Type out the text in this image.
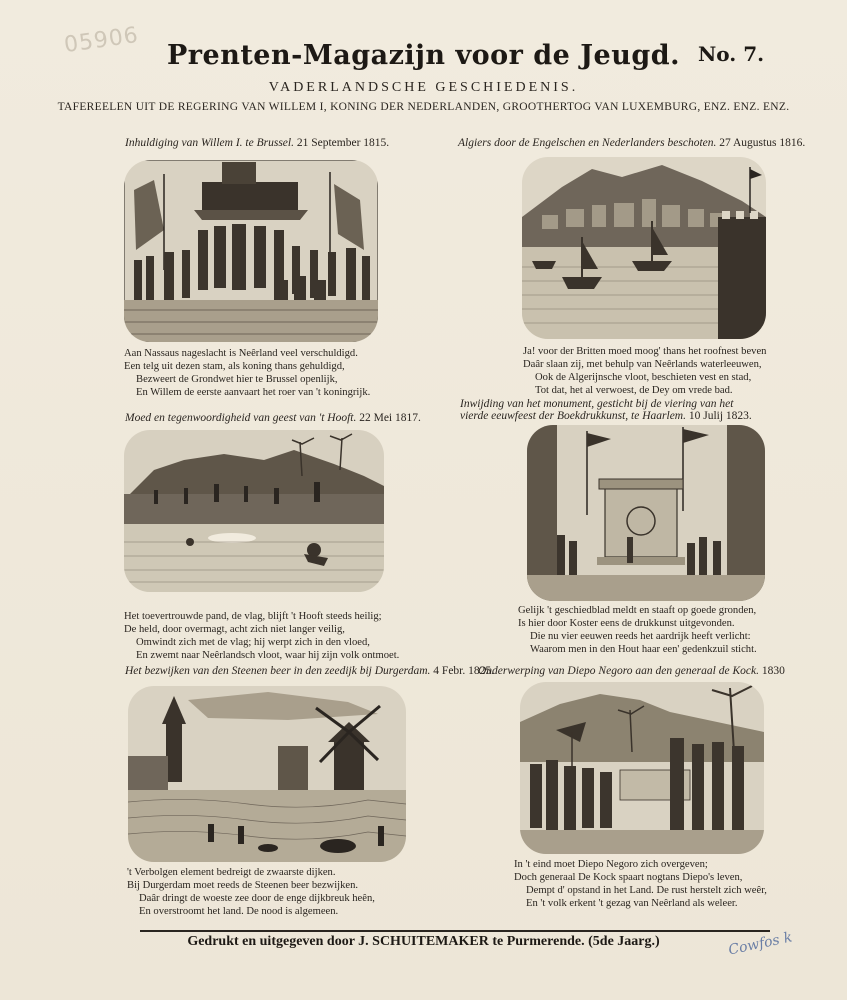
05906 Prenten-Magazijn voor de Jeugd. No. 7.
VADERLANDSCHE GESCHIEDENIS.
TAFEREELEN UIT DE REGERING VAN WILLEM I, KONING DER NEDERLANDEN, GROOTHERTOG VAN LUXEMBURG, ENZ. ENZ. ENZ.
Inhuldiging van Willem I. te Brussel. 21 September 1815.
Aan Nassaus nageslacht is Neêrland veel verschuldigd.
Een telg uit dezen stam, als koning thans gehuldigd,
Bezweert de Grondwet hier te Brussel openlijk,
En Willem de eerste aanvaart het roer van 't koningrijk.
Algiers door de Engelschen en Nederlanders beschoten. 27 Augustus 1816.
Ja! voor der Britten moed moog' thans het roofnest beven
Daâr slaan zij, met behulp van Neêrlands waterleeuwen,
Ook de Algerijnsche vloot, beschieten vest en stad,
Tot dat, het al verwoest, de Dey om vrede bad.
Moed en tegenwoordigheid van geest van 't Hooft. 22 Mei 1817.
Het toevertrouwde pand, de vlag, blijft 't Hooft steeds heilig;
De held, door overmagt, acht zich niet langer veilig,
Omwindt zich met de vlag; hij werpt zich in den vloed,
En zwemt naar Neêrlandsch vloot, waar hij zijn volk ontmoet.
Inwijding van het monument, gesticht bij de viering van het
vierde eeuwfeest der Boekdrukkunst, te Haarlem. 10 Julij 1823.
Gelijk 't geschiedblad meldt en staaft op goede gronden,
Is hier door Koster eens de drukkunst uitgevonden.
Die nu vier eeuwen reeds het aardrijk heeft verlicht:
Waarom men in den Hout haar een' gedenkzuil sticht.
Het bezwijken van den Steenen beer in den zeedijk bij Durgerdam. 4 Febr. 1825.
't Verbolgen element bedreigt de zwaarste dijken.
Bij Durgerdam moet reeds de Steenen beer bezwijken.
Daâr dringt de woeste zee door de enge dijkbreuk heên,
En overstroomt het land. De nood is algemeen.
Onderwerping van Diepo Negoro aan den generaal de Kock. 1830
In 't eind moet Diepo Negoro zich overgeven;
Doch generaal De Kock spaart nogtans Diepo's leven,
Dempt d' opstand in het Land. De rust herstelt zich weêr,
En 't volk erkent 't gezag van Neêrland als weleer.
Gedrukt en uitgegeven door J. SCHUITEMAKER te Purmerende. (5de Jaarg.)	Cowfos k
